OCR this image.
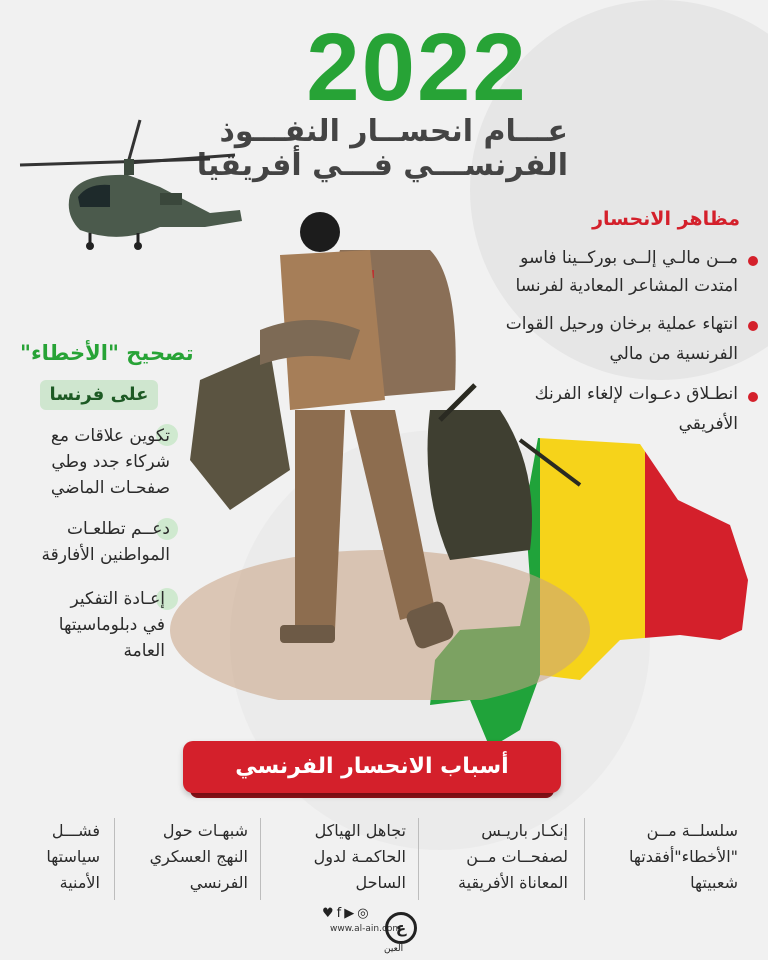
2022
عـــام انحســار النفـــوذ
الفرنســـي فـــي أفريقيا
مظاهر الانحسار
مــن مالـي إلــى بوركــينا فاسو
امتدت المشاعر المعادية لفرنسا
انتهاء عملية برخان ورحيل القوات
الفرنسية من مالي
انطـلاق دعـوات لإلغاء الفرنك
الأفريقي
تصحيح "الأخطاء"
على فرنسا
تكوين علاقات مع
شركاء جدد وطي
صفحـات الماضي
دعــم تطلعـات
المواطنين الأفارقة
إعـادة التفكير
في دبلوماسيتها
العامة
أسباب الانحسار الفرنسي
سلسلــة مــن
"الأخطاء"أفقدتها
شعبيتها
إنكـار باريـس
لصفحــات مــن
المعاناة الأفريقية
تجاهل الهياكل
الحاكمـة لدول
الساحل
شبهـات حول
النهج العسكري
الفرنسي
فشـــل
سياستها
الأمنية
♥f▶◎
www.al-ain.com
ع
العين
